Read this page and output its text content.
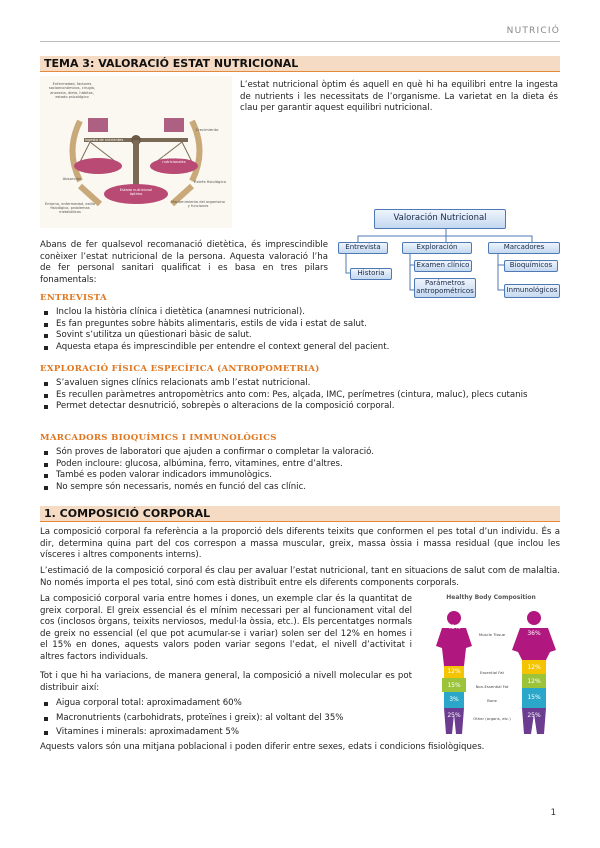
NUTRICIÓ
TEMA 3: VALORACIÓ ESTAT NUTRICIONAL
Enfermedad, factores socioeconómicos, cirugía, anorexia, dieta, hábitos, estado psicológico
Ingesta de nutrientes
Necesidades nutricionales
Crecimiento
Estado nutricional óptimo
Entorno, enfermedad, estilo fisiológico, problemas metabólicos
Mantenimiento del organismo y funciones
Absorción
Estrés fisiológico
L’estat nutricional òptim és aquell en què hi ha equilibri entre la ingesta de nutrients i les necessitats de l’organisme. La varietat en la dieta és clau per garantir aquest equilibri nutricional.
Valoración Nutricional
Entrevista
Historia
Exploración
Examen clínico
Parámetros antropométricos
Marcadores
Bioquímicos
Inmunológicos
Abans de fer qualsevol recomanació dietètica, és imprescindible conèixer l’estat nutricional de la persona. Aquesta valoració l’ha de fer personal sanitari qualificat i es basa en tres pilars fonamentals:
ENTREVISTA
Inclou la història clínica i dietètica (anamnesi nutricional).
Es fan preguntes sobre hàbits alimentaris, estils de vida i estat de salut.
Sovint s’utilitza un qüestionari bàsic de salut.
Aquesta etapa és imprescindible per entendre el context general del pacient.
EXPLORACIÓ FÍSICA ESPECÍFICA (ANTROPOMETRIA)
S’avaluen signes clínics relacionats amb l’estat nutricional.
Es recullen paràmetres antropomètrics anto com: Pes, alçada, IMC, perímetres (cintura, maluc), plecs cutanis
Permet detectar desnutrició, sobrepès o alteracions de la composició corporal.
MARCADORS BIOQUÍMICS I IMMUNOLÒGICS
Són proves de laboratori que ajuden a confirmar o completar la valoració.
Poden incloure: glucosa, albúmina, ferro, vitamines, entre d’altres.
També es poden valorar indicadors immunològics.
No sempre són necessaris, només en funció del cas clínic.
1. COMPOSICIÓ CORPORAL
La composició corporal fa referència a la proporció dels diferents teixits que conformen el pes total d’un individu. És a dir, determina quina part del cos correspon a massa muscular, greix, massa òssia i massa residual (que inclou les vísceres i altres components interns).
L’estimació de la composició corporal és clau per avaluar l’estat nutricional, tant en situacions de salut com de malaltia. No només importa el pes total, sinó com està distribuït entre els diferents components corporals.
La composició corporal varia entre homes i dones, un exemple clar és la quantitat de greix corporal. El greix essencial és el mínim necessari per al funcionament vital del cos (inclosos òrgans, teixits nerviosos, medul·la òssia, etc.). Els percentatges normals de greix no essencial (el que pot acumular-se i variar) solen ser del 12% en homes i el 15% en dones, aquests valors poden variar segons l’edat, el nivell d’activitat i altres factors individuals.
Tot i que hi ha variacions, de manera general, la composició a nivell molecular es pot distribuir així:
Aigua corporal total: aproximadament 60%
Macronutrients (carbohidrats, proteïnes i greix): al voltant del 35%
Vitamines i minerals: aproximadament 5%
Aquests valors són una mitjana poblacional i poden diferir entre sexes, edats i condicions fisiològiques.
Healthy Body Composition
45%
12%
15%
3%
25%
36%
12%
12%
15%
25%
Muscle Tissue
Essential Fat
Non-Essential Fat
Bone
Other (organs, etc.)
1
